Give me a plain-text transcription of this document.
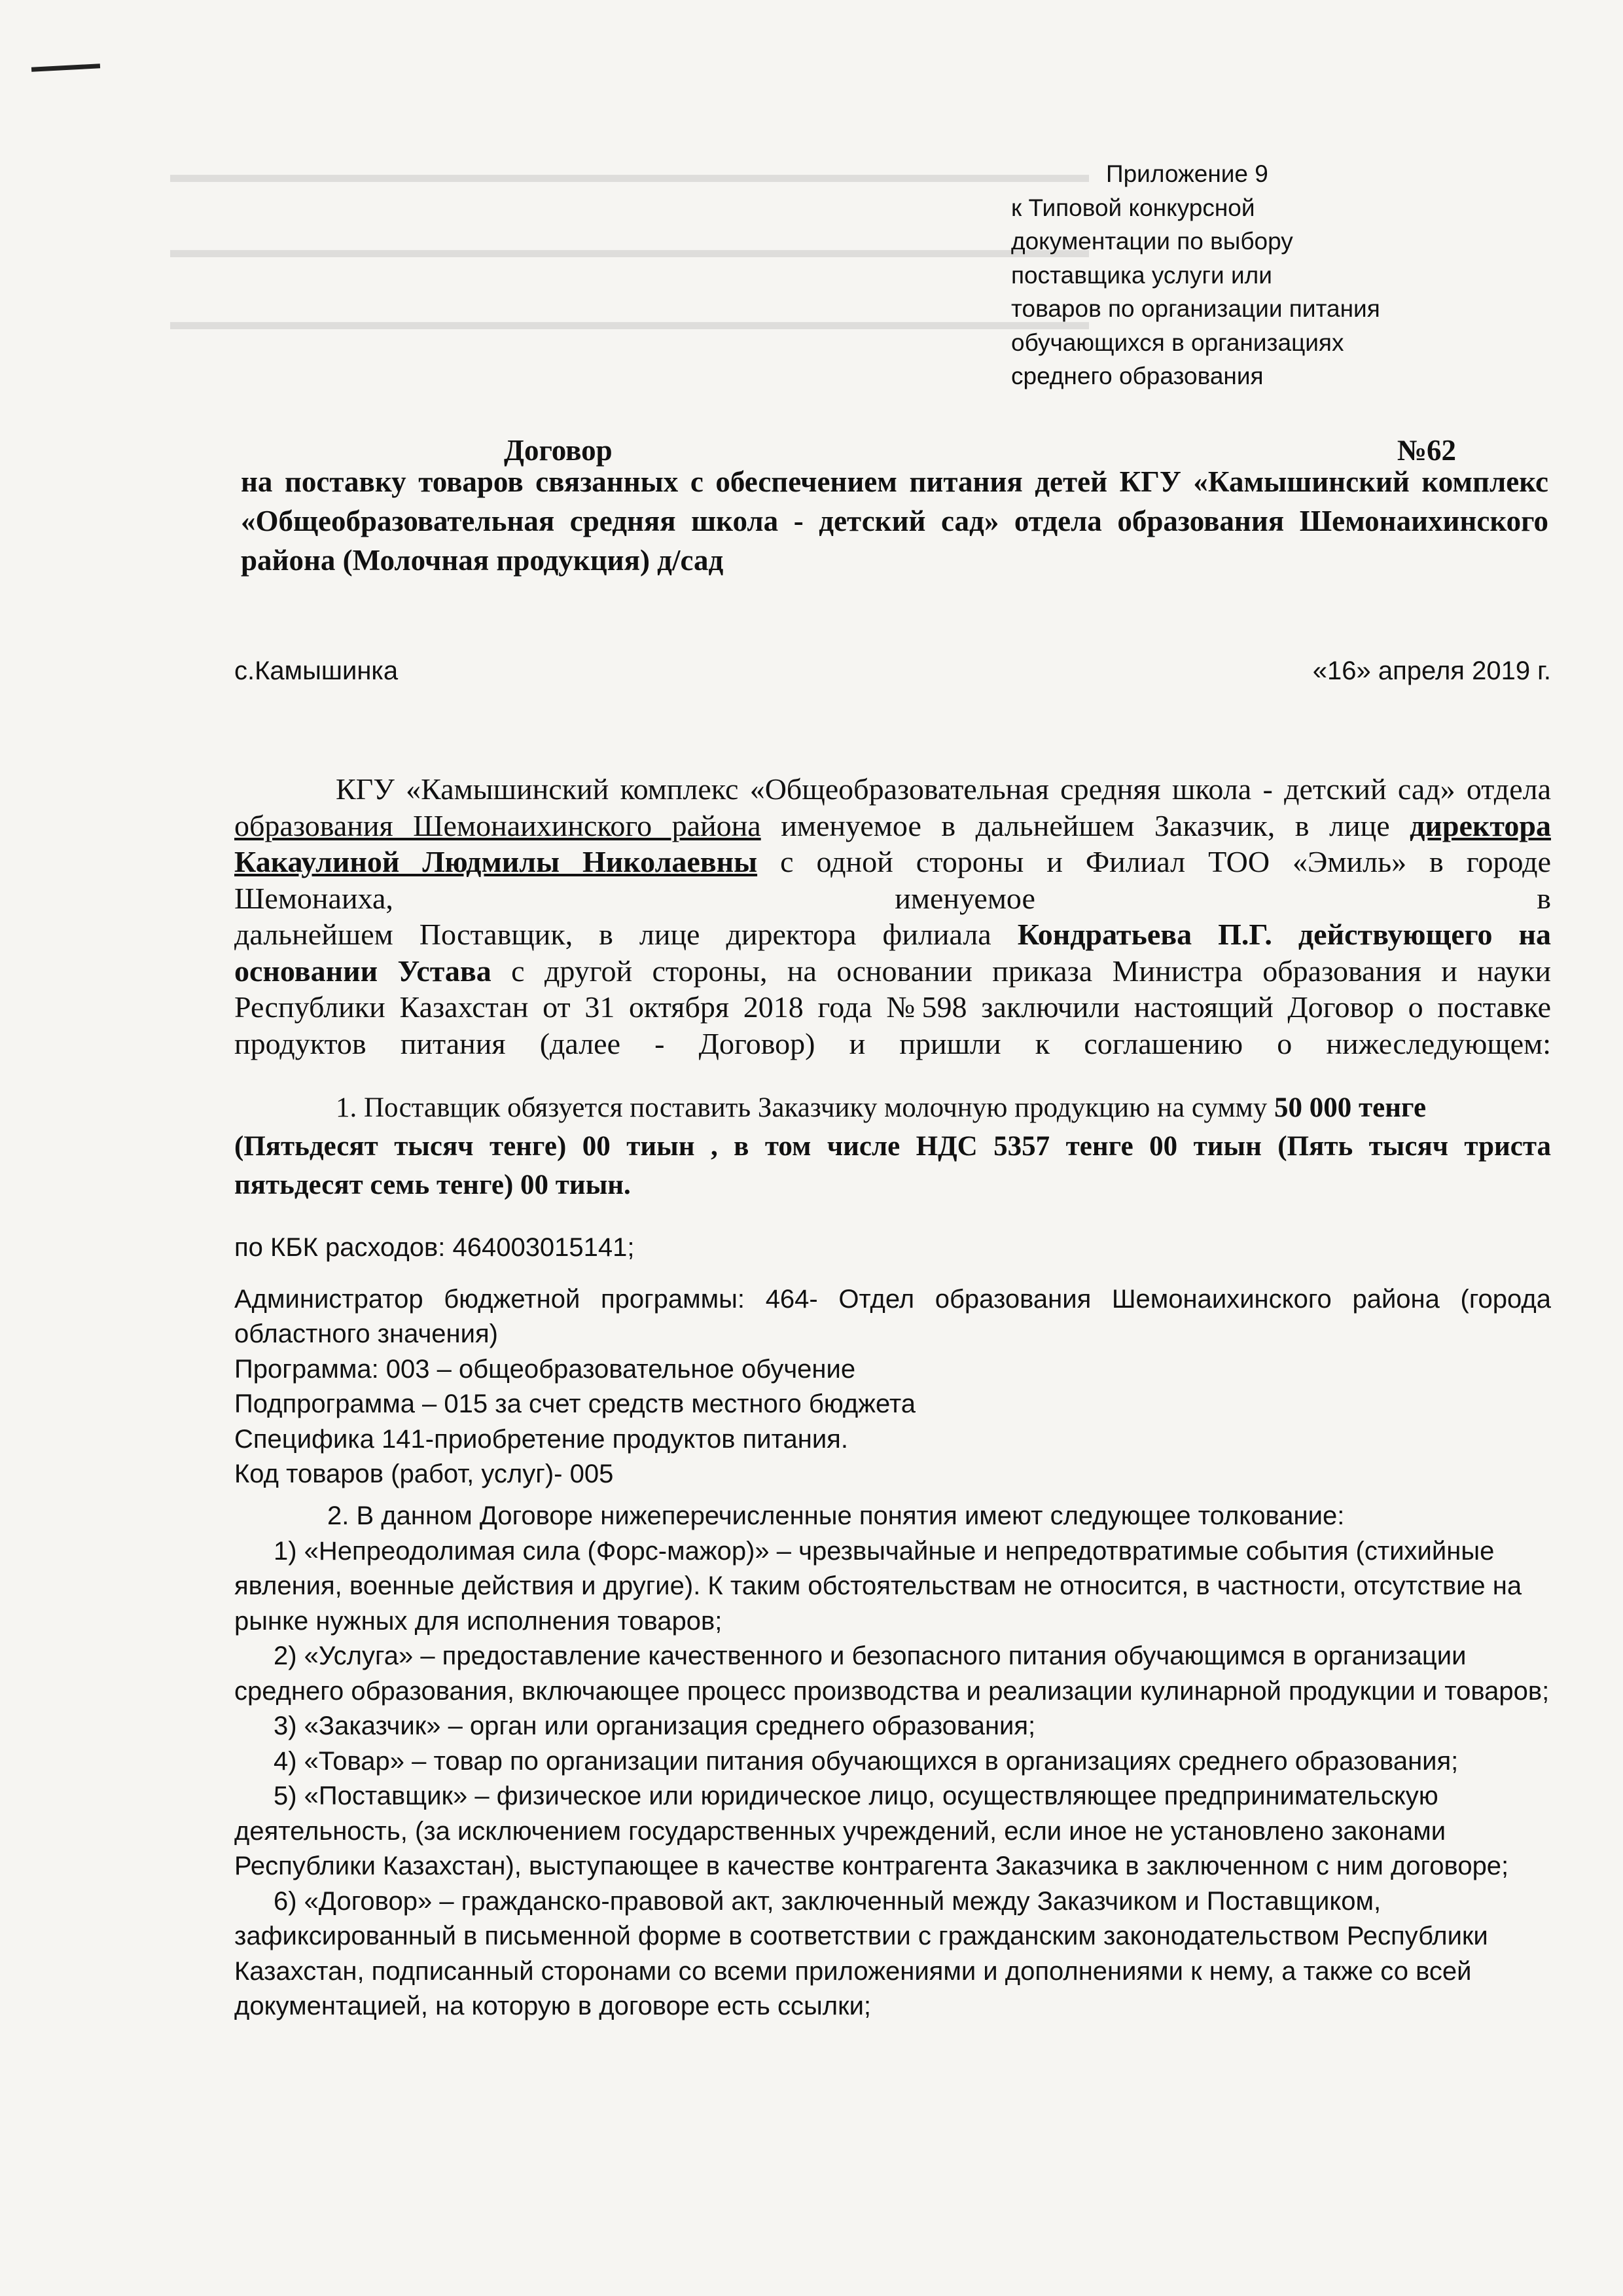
▬▬▬▬▬▬▬▬▬▬▬▬▬▬▬▬▬▬▬▬▬▬▬▬▬▬▬▬▬▬▬▬▬▬▬▬▬▬▬
▬▬▬▬▬▬▬▬▬▬▬▬▬▬▬▬▬▬▬▬▬▬▬▬▬▬▬▬▬▬▬▬▬▬▬▬▬▬▬
▬▬▬▬▬▬▬▬▬▬▬▬▬▬▬▬▬▬▬▬▬▬▬▬▬▬▬▬▬▬▬▬▬▬▬▬▬▬▬
Приложение 9
к Типовой конкурсной
документации по выбору
поставщика услуги или
товаров по организации питания
обучающихся в организациях
среднего образования
Договор	№62
на поставку товаров связанных с обеспечением питания детей КГУ «Камышинский комплекс
«Общеобразовательная средняя школа - детский сад» отдела образования Шемонаихинского
района (Молочная продукция) д/сад
с.Камышинка	«16» апреля 2019 г.
КГУ «Камышинский комплекс «Общеобразовательная средняя школа - детский сад» отдела
образования Шемонаихинского района именуемое в дальнейшем Заказчик, в лице директора
Какаулиной Людмилы Николаевны с одной стороны и Филиал ТОО «Эмиль» в городе
Шемонаиха,	именуемое	в
дальнейшем Поставщик, в лице директора филиала Кондратьева П.Г. действующего на
основании Устава с другой стороны, на основании приказа Министра образования и науки
Республики Казахстан от 31 октября 2018 года №598 заключили настоящий Договор о поставке
продуктов питания (далее - Договор) и пришли к соглашению о нижеследующем:
1. Поставщик обязуется поставить Заказчику молочную продукцию на сумму 50 000 тенге
(Пятьдесят тысяч тенге) 00 тиын , в том числе НДС 5357 тенге 00 тиын (Пять тысяч триста
пятьдесят семь тенге) 00 тиын.
по КБК расходов: 464003015141;
Администратор бюджетной программы: 464- Отдел образования Шемонаихинского района (города
областного значения)
Программа: 003 – общеобразовательное обучение
Подпрограмма – 015 за счет средств местного бюджета
Специфика 141-приобретение продуктов питания.
Код товаров (работ, услуг)- 005
2. В данном Договоре нижеперечисленные понятия имеют следующее толкование:
1) «Непреодолимая сила (Форс-мажор)» – чрезвычайные и непредотвратимые события (стихийные явления, военные действия и другие). К таким обстоятельствам не относится, в частности, отсутствие на рынке нужных для исполнения товаров;
2) «Услуга» – предоставление качественного и безопасного питания обучающимся в организации среднего образования, включающее процесс производства и реализации кулинарной продукции и товаров;
3) «Заказчик» – орган или организация среднего образования;
4) «Товар» – товар по организации питания обучающихся в организациях среднего образования;
5) «Поставщик» – физическое или юридическое лицо, осуществляющее предпринимательскую деятельность, (за исключением государственных учреждений, если иное не установлено законами Республики Казахстан), выступающее в качестве контрагента Заказчика в заключенном с ним договоре;
6) «Договор» – гражданско-правовой акт, заключенный между Заказчиком и Поставщиком, зафиксированный в письменной форме в соответствии с гражданским законодательством Республики Казахстан, подписанный сторонами со всеми приложениями и дополнениями к нему, а также со всей документацией, на которую в договоре есть ссылки;
